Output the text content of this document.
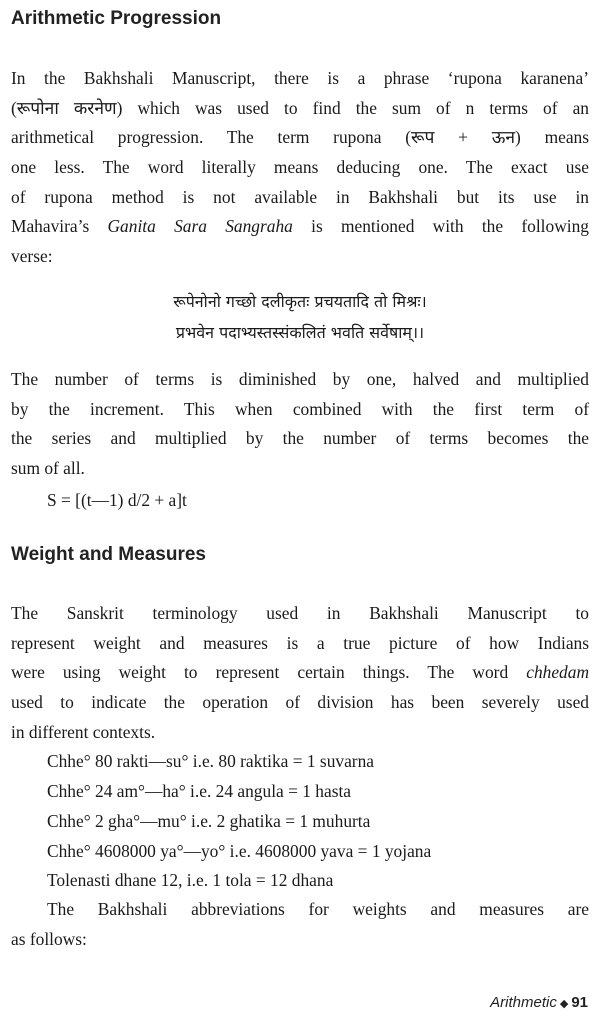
Arithmetic Progression
In the Bakhshali Manuscript, there is a phrase ‘rupona karanena’
(रूपोना करनेण) which was used to find the sum of n terms of an
arithmetical progression. The term rupona (रूप + ऊन) means
one less. The word literally means deducing one. The exact use
of rupona method is not available in Bakhshali but its use in
Mahavira’s Ganita Sara Sangraha is mentioned with the following
verse:
रूपेनोनो गच्छो दलीकृतः प्रचयतादि तो मिश्रः।
प्रभवेन पदाभ्यस्तस्संकलितं भवति सर्वेषाम्।।
The number of terms is diminished by one, halved and multiplied
by the increment. This when combined with the first term of
the series and multiplied by the number of terms becomes the
sum of all.
S = [(t—1) d/2 + a]t
Weight and Measures
The Sanskrit terminology used in Bakhshali Manuscript to
represent weight and measures is a true picture of how Indians
were using weight to represent certain things. The word chhedam
used to indicate the operation of division has been severely used
in different contexts.
Chhe° 80 rakti—su° i.e. 80 raktika = 1 suvarna
Chhe° 24 am°—ha° i.e. 24 angula = 1 hasta
Chhe° 2 gha°—mu° i.e. 2 ghatika = 1 muhurta
Chhe° 4608000 ya°—yo° i.e. 4608000 yava = 1 yojana
Tolenasti dhane 12, i.e. 1 tola = 12 dhana
The Bakhshali abbreviations for weights and measures are
as follows:
Arithmetic ◆ 91
